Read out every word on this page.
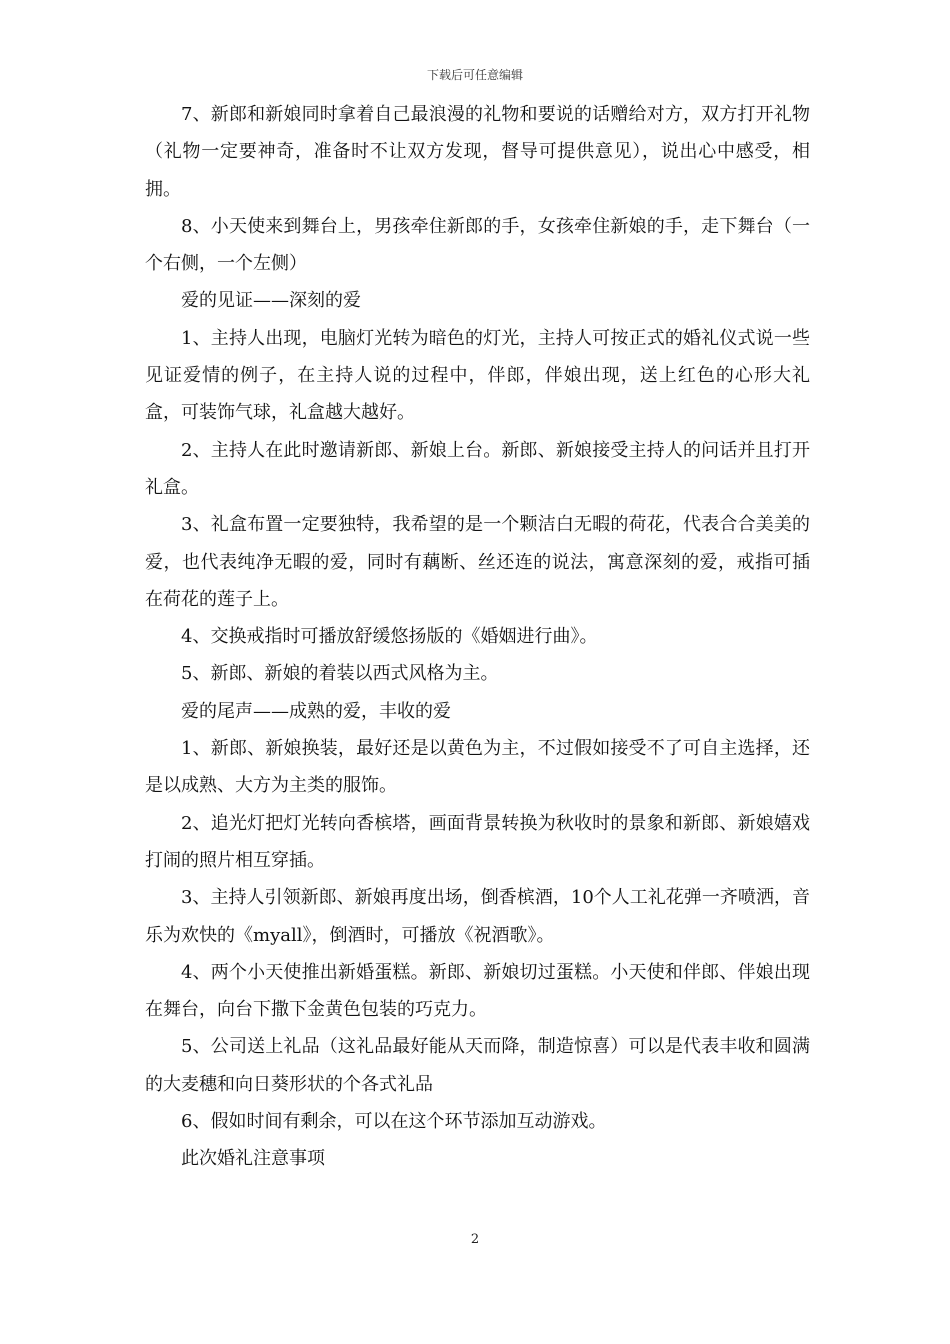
下载后可任意编辑

7、新郎和新娘同时拿着自己最浪漫的礼物和要说的话赠给对方，双方打开礼物（礼物一定要神奇，准备时不让双方发现，督导可提供意见），说出心中感受，相拥。

8、小天使来到舞台上，男孩牵住新郎的手，女孩牵住新娘的手，走下舞台（一个右侧，一个左侧）

爱的见证——深刻的爱

1、主持人出现，电脑灯光转为暗色的灯光，主持人可按正式的婚礼仪式说一些见证爱情的例子，在主持人说的过程中，伴郎，伴娘出现，送上红色的心形大礼盒，可装饰气球，礼盒越大越好。

2、主持人在此时邀请新郎、新娘上台。新郎、新娘接受主持人的问话并且打开礼盒。

3、礼盒布置一定要独特，我希望的是一个颗洁白无暇的荷花，代表合合美美的爱，也代表纯净无暇的爱，同时有藕断、丝还连的说法，寓意深刻的爱，戒指可插在荷花的莲子上。

4、交换戒指时可播放舒缓悠扬版的《婚姻进行曲》。

5、新郎、新娘的着装以西式风格为主。

爱的尾声——成熟的爱，丰收的爱

1、新郎、新娘换装，最好还是以黄色为主，不过假如接受不了可自主选择，还是以成熟、大方为主类的服饰。

2、追光灯把灯光转向香槟塔，画面背景转换为秋收时的景象和新郎、新娘嬉戏打闹的照片相互穿插。

3、主持人引领新郎、新娘再度出场，倒香槟酒，10个人工礼花弹一齐喷洒，音乐为欢快的《myall》，倒酒时，可播放《祝酒歌》。

4、两个小天使推出新婚蛋糕。新郎、新娘切过蛋糕。小天使和伴郎、伴娘出现在舞台，向台下撒下金黄色包装的巧克力。

5、公司送上礼品（这礼品最好能从天而降，制造惊喜）可以是代表丰收和圆满的大麦穗和向日葵形状的个各式礼品

6、假如时间有剩余，可以在这个环节添加互动游戏。

此次婚礼注意事项

2
